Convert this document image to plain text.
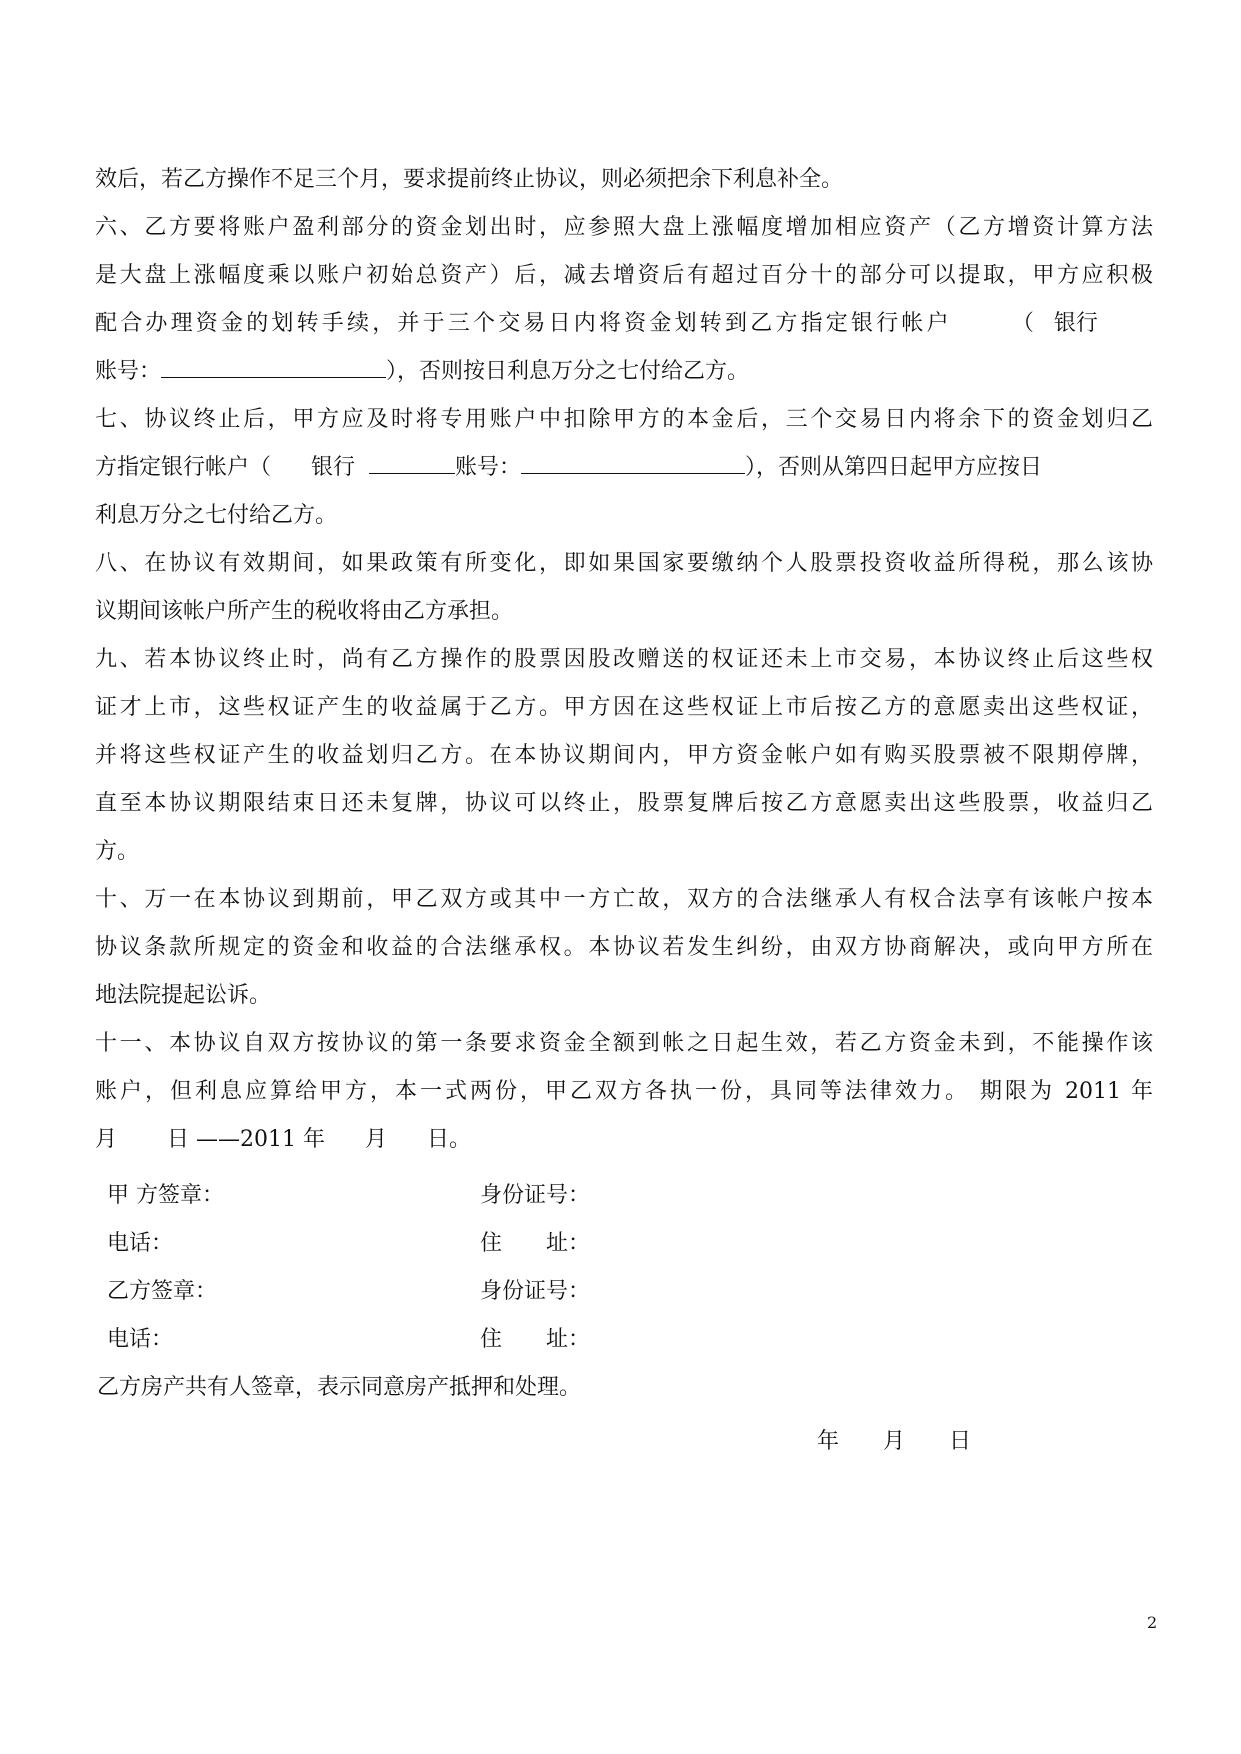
效后，若乙方操作不足三个月，要求提前终止协议，则必须把余下利息补全。
六、乙方要将账户盈利部分的资金划出时，应参照大盘上涨幅度增加相应资产（乙方增资计算方法
是大盘上涨幅度乘以账户初始总资产）后，减去增资后有超过百分十的部分可以提取，甲方应积极
配合办理资金的划转手续，并于三个交易日内将资金划转到乙方指定银行帐户	（ 银行
账号：	），否则按日利息万分之七付给乙方。
七、协议终止后，甲方应及时将专用账户中扣除甲方的本金后，三个交易日内将余下的资金划归乙
方指定银行帐户（ 银行	账号：	），否则从第四日起甲方应按日
利息万分之七付给乙方。
八、在协议有效期间，如果政策有所变化，即如果国家要缴纳个人股票投资收益所得税，那么该协
议期间该帐户所产生的税收将由乙方承担。
九、若本协议终止时，尚有乙方操作的股票因股改赠送的权证还未上市交易，本协议终止后这些权
证才上市，这些权证产生的收益属于乙方。甲方因在这些权证上市后按乙方的意愿卖出这些权证，
并将这些权证产生的收益划归乙方。在本协议期间内，甲方资金帐户如有购买股票被不限期停牌，
直至本协议期限结束日还未复牌，协议可以终止，股票复牌后按乙方意愿卖出这些股票，收益归乙
方。
十、万一在本协议到期前，甲乙双方或其中一方亡故，双方的合法继承人有权合法享有该帐户按本
协议条款所规定的资金和收益的合法继承权。本协议若发生纠纷，由双方协商解决，或向甲方所在
地法院提起讼诉。
十一、本协议自双方按协议的第一条要求资金全额到帐之日起生效，若乙方资金未到，不能操作该
账户，但利息应算给甲方，本一式两份，甲乙双方各执一份，具同等法律效力。 期限为 2011 年
月 日 ——2011 年 月 日。
甲 方签章：	身份证号：
电话：	住 址：
乙方签章：	身份证号：
电话：	住 址：
乙方房产共有人签章，表示同意房产抵押和处理。
年 月 日
2
